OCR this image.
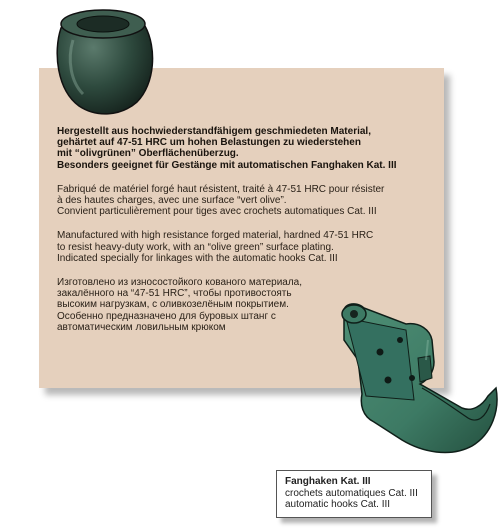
Hergestellt aus hochwiederstandfähigem geschmiedeten Material,
gehärtet auf 47-51 HRC um hohen Belastungen zu wiederstehen
mit “olivgrünen” Oberflächenüberzug.
Besonders geeignet für Gestänge mit automatischen Fanghaken Kat. III
Fabriqué de matériel forgé haut résistent, traité à 47-51 HRC pour résister
à des hautes charges, avec une surface “vert olive”.
Convient particulièrement pour tiges avec crochets automatiques Cat. III
Manufactured with high resistance forged material, hardned 47-51 HRC
to resist heavy-duty work, with an “olive green” surface plating.
Indicated specially for linkages with the automatic hooks Cat. III
Изготовлено из износостойкого кованого материала,
закалённого на “47-51 HRC”, чтобы противостоять
высоким нагрузкам, с оливкозелёным покрытием.
Особенно предназначено для буровых штанг с
автоматическим ловильным крюком
Fanghaken Kat. III
crochets automatiques Cat. III
automatic hooks Cat. III
